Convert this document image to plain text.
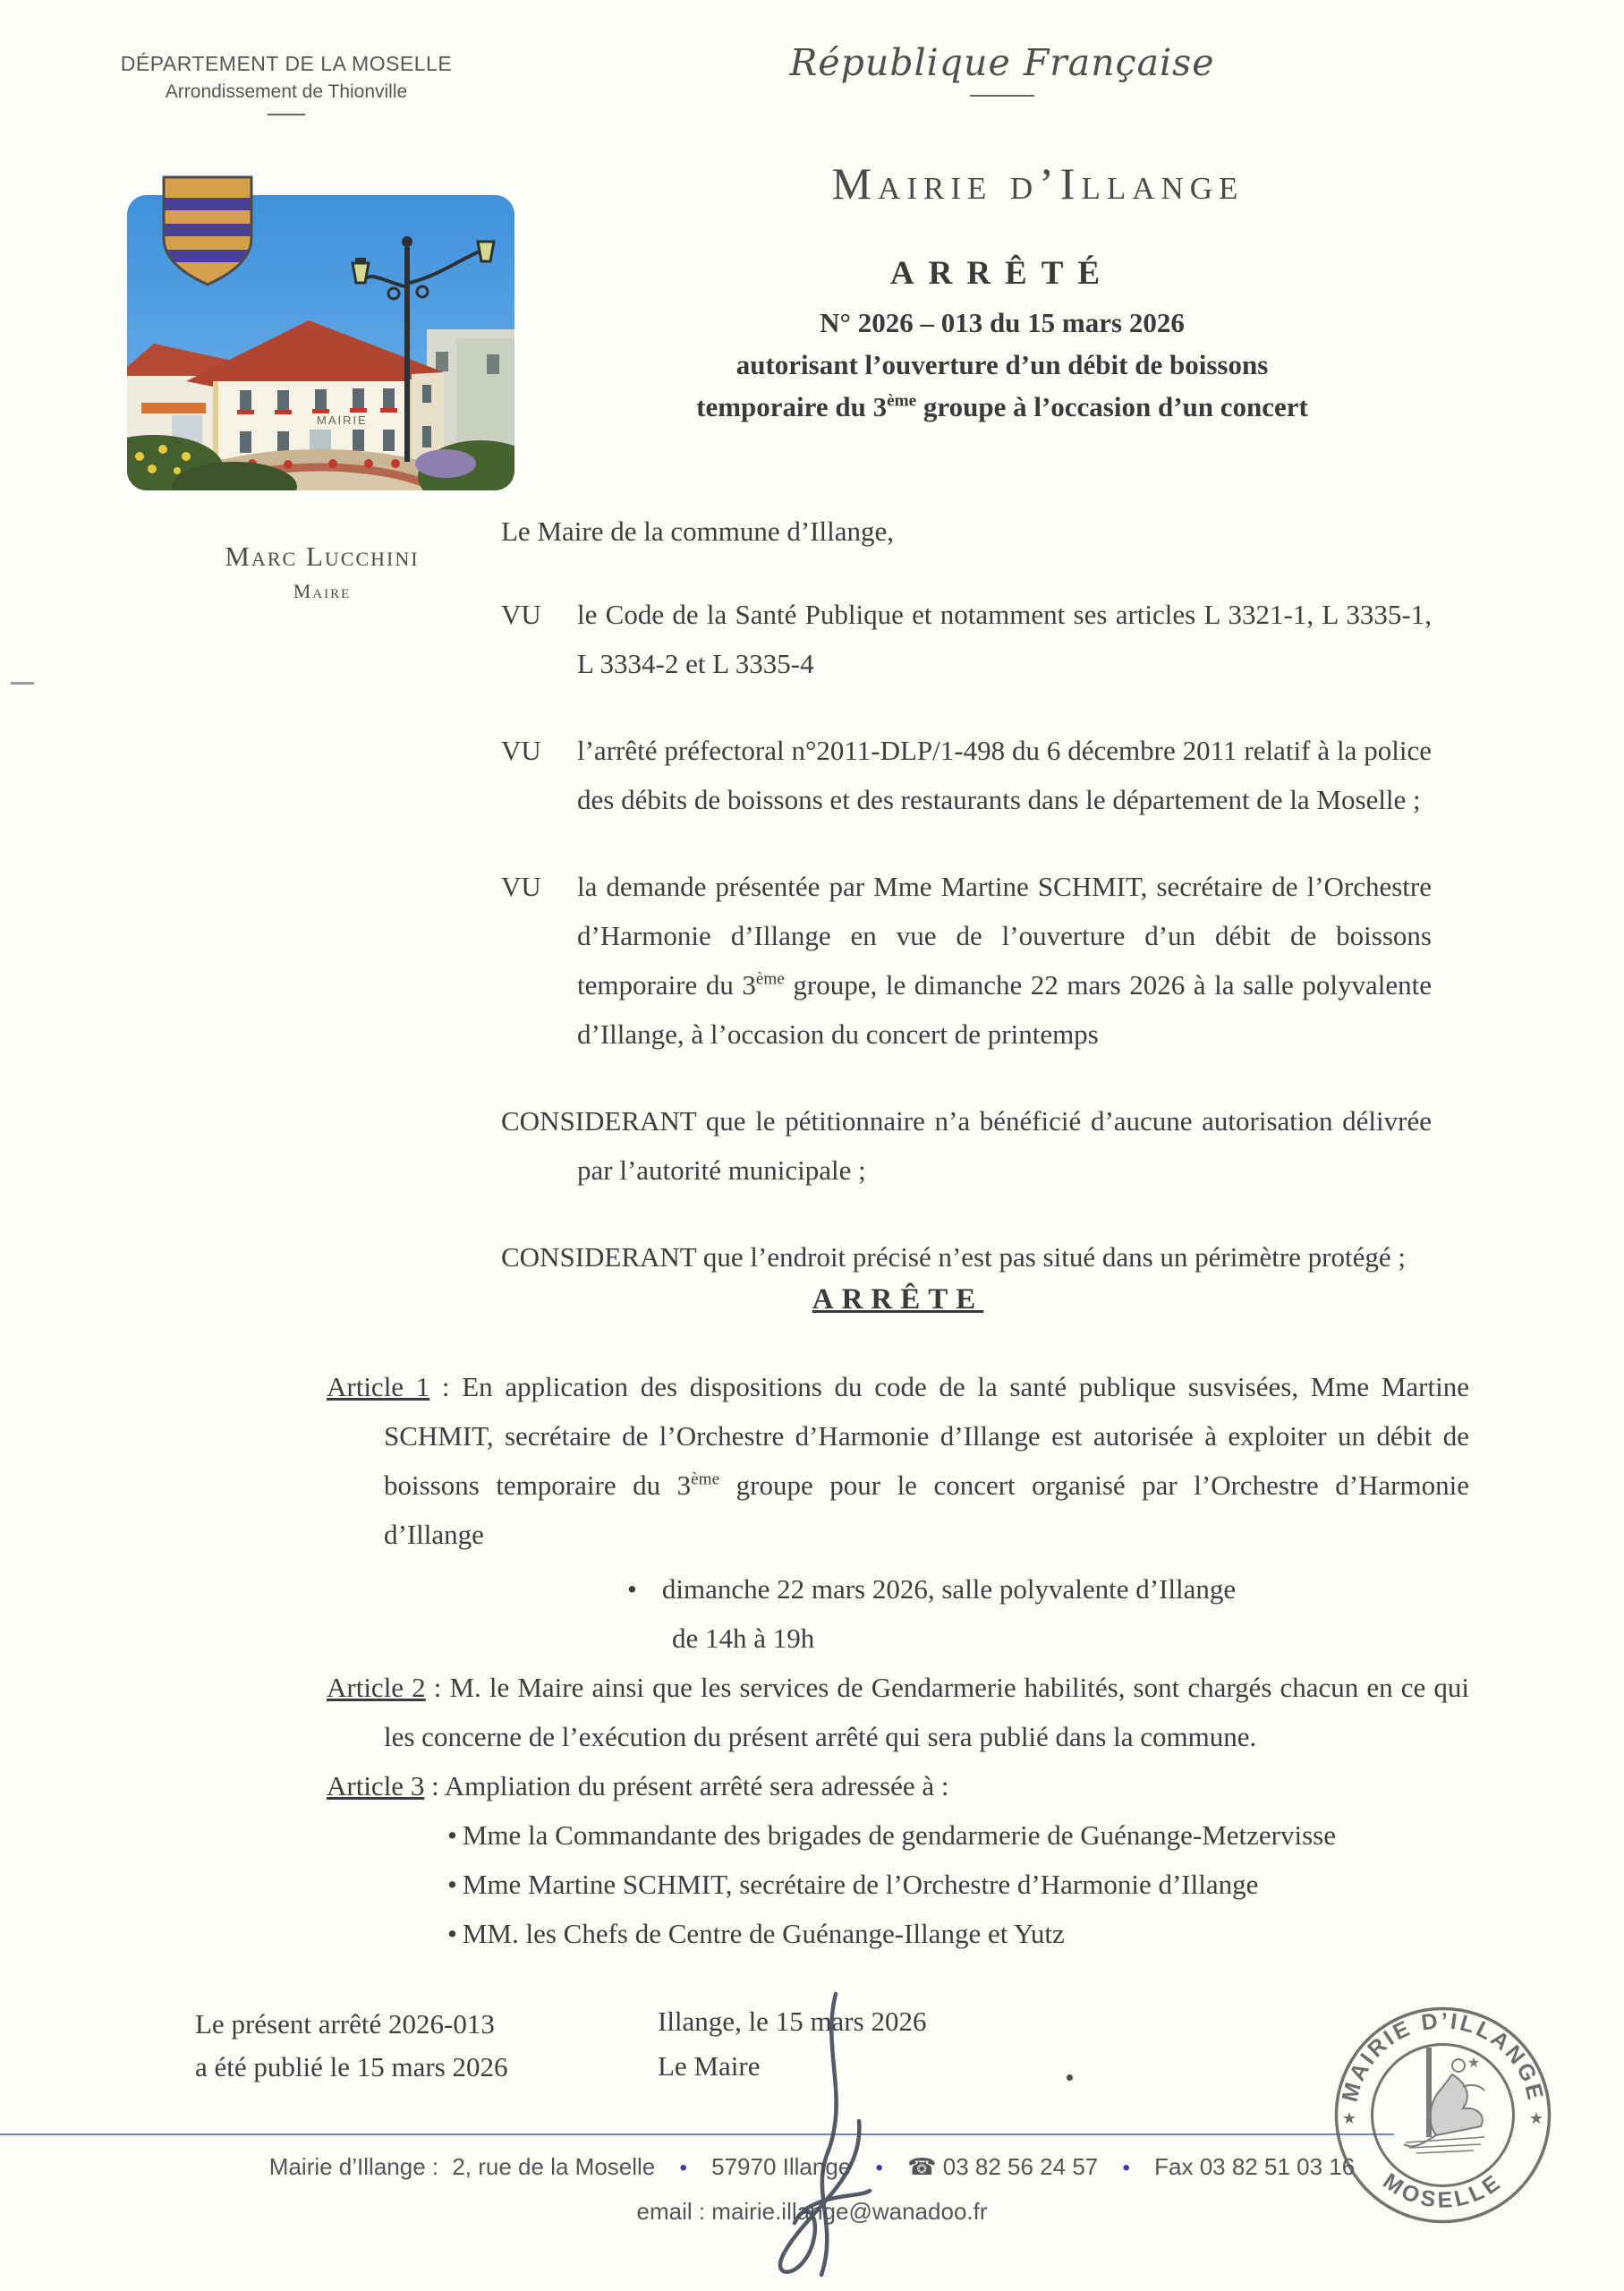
DÉPARTEMENT DE LA MOSELLE
Arrondissement de Thionville
République Française
Mairie d’Illange
ARRÊTÉ
N° 2026 – 013 du 15 mars 2026
autorisant l’ouverture d’un débit de boissons
temporaire du 3ème groupe à l’occasion d’un concert
MAIRIE
Marc Lucchini
Maire

Le Maire de la commune d’Illange,

VU	le Code de la Santé Publique et notamment ses articles L 3321-1, L 3335-1, L 3334-2 et L 3335-4

VU	l’arrêté préfectoral n°2011-DLP/1-498 du 6 décembre 2011 relatif à la police des débits de boissons et des restaurants dans le département de la Moselle ;

VU	la demande présentée par Mme Martine SCHMIT, secrétaire de l’Orchestre d’Harmonie d’Illange en vue de l’ouverture d’un débit de boissons temporaire du 3ème groupe, le dimanche 22 mars 2026 à la salle polyvalente d’Illange, à l’occasion du concert de printemps

CONSIDERANT que le pétitionnaire n’a bénéficié d’aucune autorisation délivrée par l’autorité municipale ;

CONSIDERANT que l’endroit précisé n’est pas situé dans un périmètre protégé ;

ARRÊTE

Article 1 : En application des dispositions du code de la santé publique susvisées, Mme Martine SCHMIT, secrétaire de l’Orchestre d’Harmonie d’Illange est autorisée à exploiter un débit de boissons temporaire du 3ème groupe pour le concert organisé par l’Orchestre d’Harmonie d’Illange

• dimanche 22 mars 2026, salle polyvalente d’Illange
de 14h à 19h

Article 2 : M. le Maire ainsi que les services de Gendarmerie habilités, sont chargés chacun en ce qui les concerne de l’exécution du présent arrêté qui sera publié dans la commune.

Article 3 : Ampliation du présent arrêté sera adressée à :

• Mme la Commandante des brigades de gendarmerie de Guénange-Metzervisse
• Mme Martine SCHMIT, secrétaire de l’Orchestre d’Harmonie d’Illange
• MM. les Chefs de Centre de Guénange-Illange et Yutz
Le présent arrêté 2026-013
a été publié le 15 mars 2026
Illange, le 15 mars 2026
Le Maire
Mairie d’Illange : 2, rue de la Moselle • 57970 Illange • ☎ 03 82 56 24 57 • Fax 03 82 51 03 16
email : mairie.illange@wanadoo.fr
MAIRIE D’ILLANGE
MOSELLE
★	★
★
